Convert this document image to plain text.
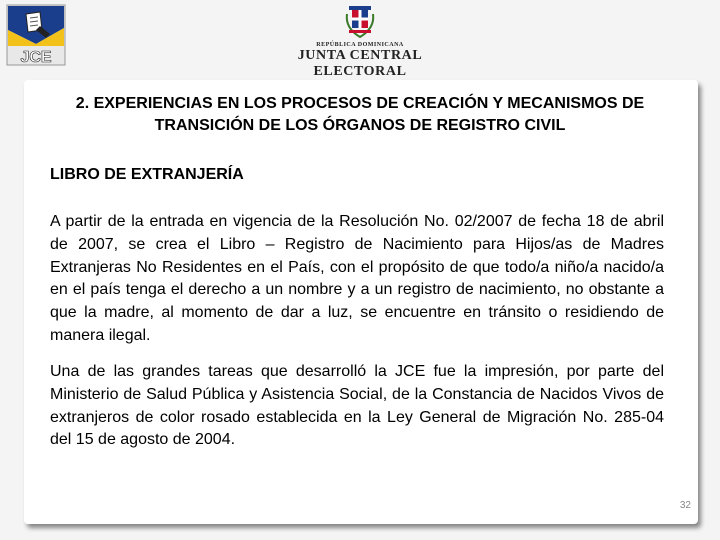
JCE
REPÚBLICA DOMINICANA
JUNTA CENTRAL ELECTORAL
2. EXPERIENCIAS EN LOS PROCESOS DE CREACIÓN Y MECANISMOS DE TRANSICIÓN DE LOS ÓRGANOS DE REGISTRO CIVIL
LIBRO DE EXTRANJERÍA
A partir de la entrada en vigencia de la Resolución No. 02/2007 de fecha 18 de abril de 2007, se crea el Libro – Registro de Nacimiento para Hijos/as de Madres Extranjeras No Residentes en el País, con el propósito de que todo/a niño/a nacido/a en el país tenga el derecho a un nombre y a un registro de nacimiento, no obstante a que la madre, al momento de dar a luz, se encuentre en tránsito o residiendo de manera ilegal.
Una de las grandes tareas que desarrolló la JCE fue la impresión, por parte del Ministerio de Salud Pública y Asistencia Social, de la Constancia de Nacidos Vivos de extranjeros de color rosado establecida en la Ley General de Migración No. 285-04 del 15 de agosto de 2004.
32
